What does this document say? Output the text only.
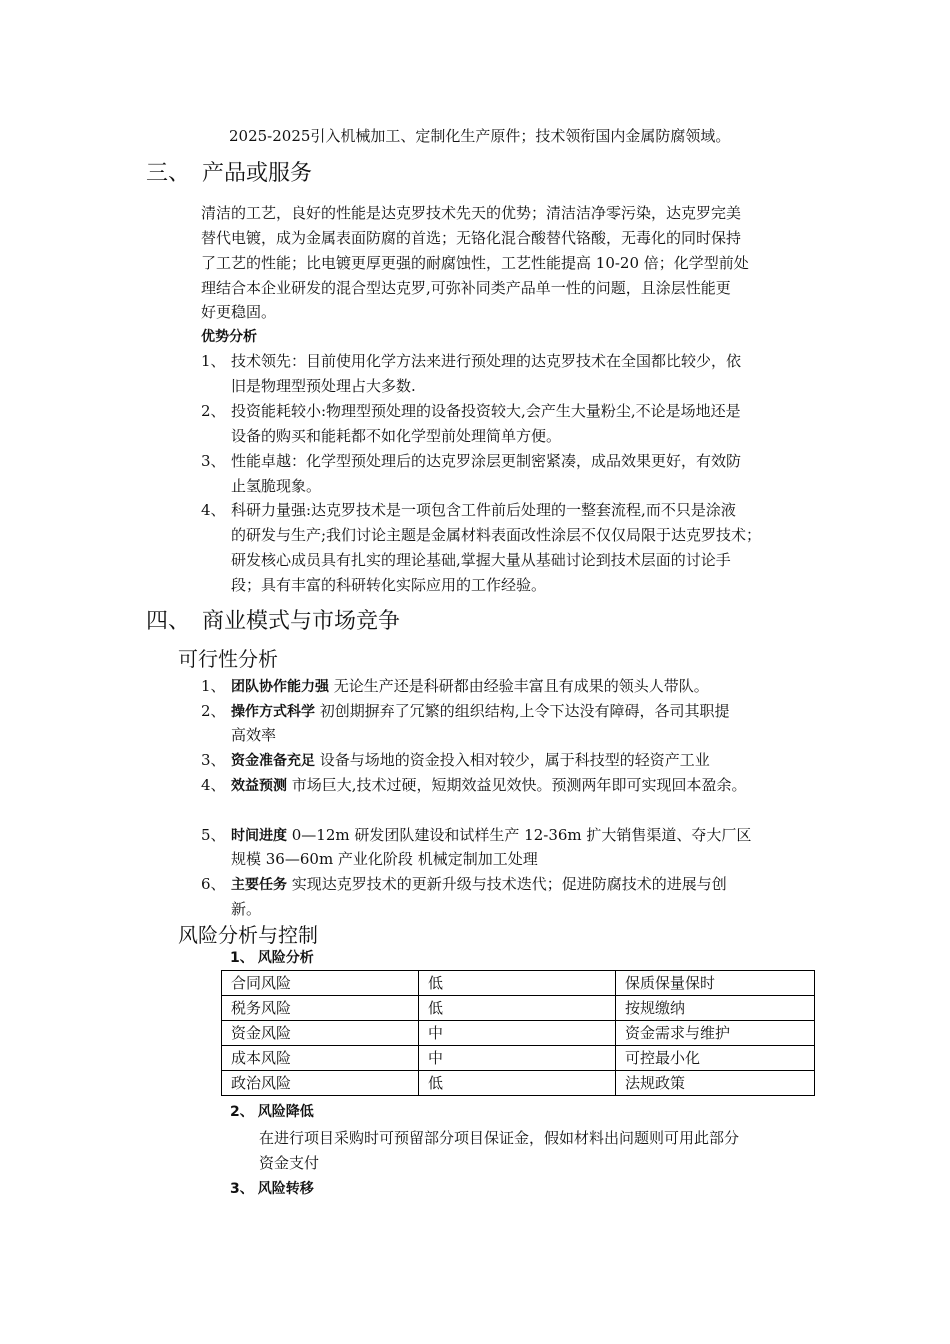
2025-2025引入机械加工、定制化生产原件；技术领衔国内金属防腐领域。
三、 产品或服务
清洁的工艺，良好的性能是达克罗技术先天的优势；清洁洁净零污染，达克罗完美
替代电镀，成为金属表面防腐的首选；无铬化混合酸替代铬酸，无毒化的同时保持
了工艺的性能；比电镀更厚更强的耐腐蚀性，工艺性能提高 10-20 倍；化学型前处
理结合本企业研发的混合型达克罗,可弥补同类产品单一性的问题，且涂层性能更
好更稳固。
优势分析
1、 技术领先：目前使用化学方法来进行预处理的达克罗技术在全国都比较少，依
旧是物理型预处理占大多数.
2、 投资能耗较小:物理型预处理的设备投资较大,会产生大量粉尘,不论是场地还是
设备的购买和能耗都不如化学型前处理简单方便。
3、 性能卓越：化学型预处理后的达克罗涂层更制密紧凑，成品效果更好，有效防
止氢脆现象。
4、 科研力量强:达克罗技术是一项包含工件前后处理的一整套流程,而不只是涂液
的研发与生产;我们讨论主题是金属材料表面改性涂层不仅仅局限于达克罗技术；
研发核心成员具有扎实的理论基础,掌握大量从基础讨论到技术层面的讨论手
段；具有丰富的科研转化实际应用的工作经验。
四、 商业模式与市场竞争
可行性分析
1、 团队协作能力强 无论生产还是科研都由经验丰富且有成果的领头人带队。
2、 操作方式科学 初创期摒弃了冗繁的组织结构,上令下达没有障碍，各司其职提
高效率
3、 资金准备充足 设备与场地的资金投入相对较少，属于科技型的轻资产工业
4、 效益预测 市场巨大,技术过硬，短期效益见效快。预测两年即可实现回本盈余。
5、 时间进度 0—12m 研发团队建设和试样生产 12-36m 扩大销售渠道、夺大厂区
规模 36—60m 产业化阶段 机械定制加工处理
6、 主要任务 实现达克罗技术的更新升级与技术迭代；促进防腐技术的进展与创
新。
风险分析与控制
1、 风险分析
合同风险	低	保质保量保时
税务风险	低	按规缴纳
资金风险	中	资金需求与维护
成本风险	中	可控最小化
政治风险	低	法规政策
2、 风险降低
在进行项目采购时可预留部分项目保证金，假如材料出问题则可用此部分
资金支付
3、 风险转移
